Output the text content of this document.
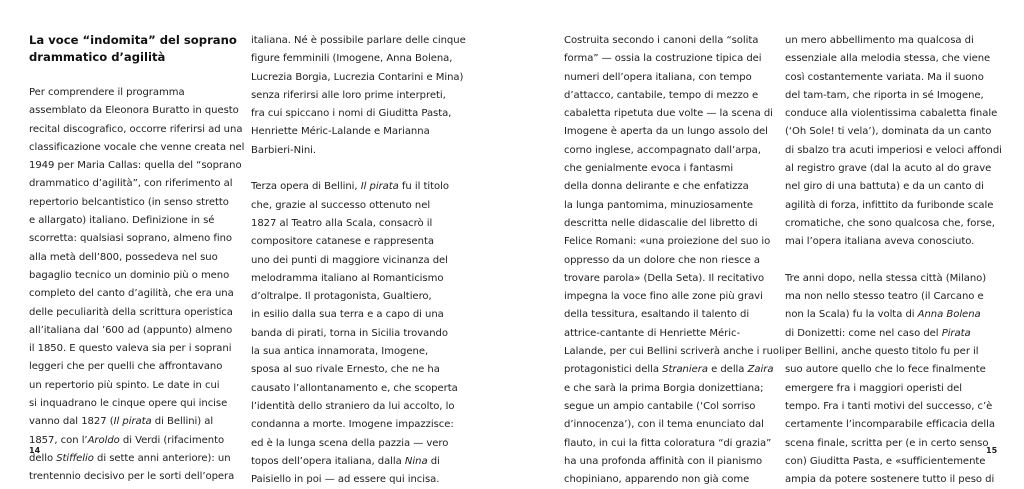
La voce “indomita” del soprano
drammatico d’agilità

Per comprendere il programma
assemblato da Eleonora Buratto in questo
recital discografico, occorre riferirsi ad una
classificazione vocale che venne creata nel
1949 per Maria Callas: quella del “soprano
drammatico d’agilità”, con riferimento al
repertorio belcantistico (in senso stretto
e allargato) italiano. Definizione in sé
scorretta: qualsiasi soprano, almeno fino
alla metà dell’800, possedeva nel suo
bagaglio tecnico un dominio più o meno
completo del canto d’agilità, che era una
delle peculiarità della scrittura operistica
all’italiana dal ’600 ad (appunto) almeno
il 1850. E questo valeva sia per i soprani
leggeri che per quelli che affrontavano
un repertorio più spinto. Le date in cui
si inquadrano le cinque opere qui incise
vanno dal 1827 (Il pirata di Bellini) al
1857, con l’Aroldo di Verdi (rifacimento
dello Stiffelio di sette anni anteriore): un
trentennio decisivo per le sorti dell’opera

italiana. Né è possibile parlare delle cinque
figure femminili (Imogene, Anna Bolena,
Lucrezia Borgia, Lucrezia Contarini e Mina)
senza riferirsi alle loro prime interpreti,
fra cui spiccano i nomi di Giuditta Pasta,
Henriette Méric-Lalande e Marianna
Barbieri-Nini.

Terza opera di Bellini, Il pirata fu il titolo
che, grazie al successo ottenuto nel
1827 al Teatro alla Scala, consacrò il
compositore catanese e rappresenta
uno dei punti di maggiore vicinanza del
melodramma italiano al Romanticismo
d’oltralpe. Il protagonista, Gualtiero,
in esilio dalla sua terra e a capo di una
banda di pirati, torna in Sicilia trovando
la sua antica innamorata, Imogene,
sposa al suo rivale Ernesto, che ne ha
causato l’allontanamento e, che scoperta
l’identità dello straniero da lui accolto, lo
condanna a morte. Imogene impazzisce:
ed è la lunga scena della pazzia — vero
topos dell’opera italiana, dalla Nina di
Paisiello in poi — ad essere qui incisa.

Costruita secondo i canoni della “solita
forma” — ossia la costruzione tipica dei
numeri dell’opera italiana, con tempo
d’attacco, cantabile, tempo di mezzo e
cabaletta ripetuta due volte — la scena di
Imogene è aperta da un lungo assolo del
corno inglese, accompagnato dall’arpa,
che genialmente evoca i fantasmi
della donna delirante e che enfatizza
la lunga pantomima, minuziosamente
descritta nelle didascalie del libretto di
Felice Romani: «una proiezione del suo io
oppresso da un dolore che non riesce a
trovare parola» (Della Seta). Il recitativo
impegna la voce fino alle zone più gravi
della tessitura, esaltando il talento di
attrice-cantante di Henriette Méric-
Lalande, per cui Bellini scriverà anche i ruoli
protagonistici della Straniera e della Zaira
e che sarà la prima Borgia donizettiana;
segue un ampio cantabile (‘Col sorriso
d’innocenza’), con il tema enunciato dal
flauto, in cui la fitta coloratura “di grazia”
ha una profonda affinità con il pianismo
chopiniano, apparendo non già come

un mero abbellimento ma qualcosa di
essenziale alla melodia stessa, che viene
così costantemente variata. Ma il suono
del tam-tam, che riporta in sé Imogene,
conduce alla violentissima cabaletta finale
(‘Oh Sole! ti vela’), dominata da un canto
di sbalzo tra acuti imperiosi e veloci affondi
al registro grave (dal la acuto al do grave
nel giro di una battuta) e da un canto di
agilità di forza, infittito da furibonde scale
cromatiche, che sono qualcosa che, forse,
mai l’opera italiana aveva conosciuto.

Tre anni dopo, nella stessa città (Milano)
ma non nello stesso teatro (il Carcano e
non la Scala) fu la volta di Anna Bolena
di Donizetti: come nel caso del Pirata
per Bellini, anche questo titolo fu per il
suo autore quello che lo fece finalmente
emergere fra i maggiori operisti del
tempo. Fra i tanti motivi del successo, c’è
certamente l’incomparabile efficacia della
scena finale, scritta per (e in certo senso
con) Giuditta Pasta, e «sufficientemente
ampia da potere sostenere tutto il peso di

14	15
